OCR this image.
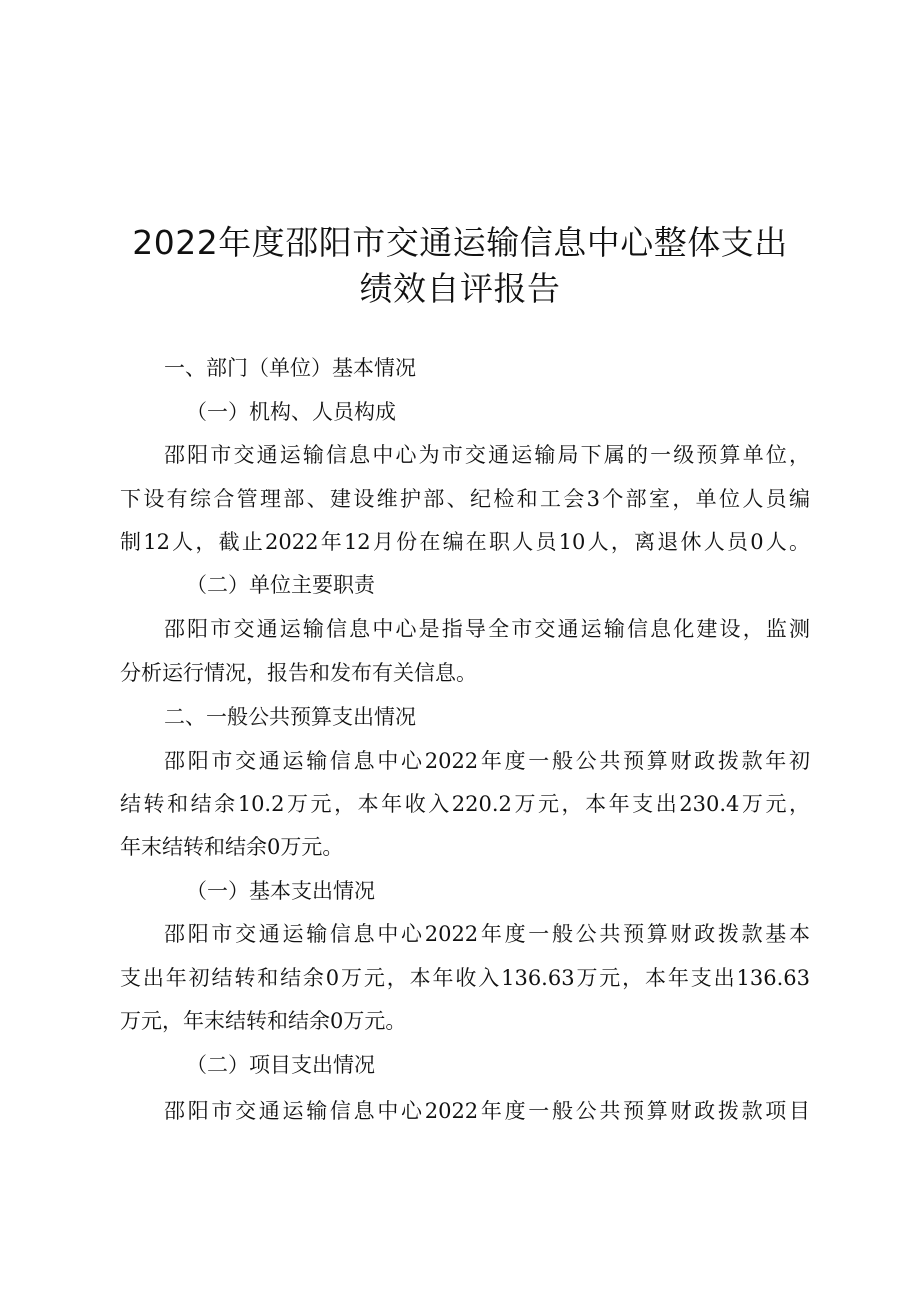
2022年度邵阳市交通运输信息中心整体支出
绩效自评报告
一、部门（单位）基本情况
（一）机构、人员构成
邵阳市交通运输信息中心为市交通运输局下属的一级预算单位，
下设有综合管理部、建设维护部、纪检和工会3个部室，单位人员编
制12人，截止2022年12月份在编在职人员10人，离退休人员0人。
（二）单位主要职责
邵阳市交通运输信息中心是指导全市交通运输信息化建设，监测
分析运行情况，报告和发布有关信息。
二、一般公共预算支出情况
邵阳市交通运输信息中心2022年度一般公共预算财政拨款年初
结转和结余10.2万元，本年收入220.2万元，本年支出230.4万元，
年末结转和结余0万元。
（一）基本支出情况
邵阳市交通运输信息中心2022年度一般公共预算财政拨款基本
支出年初结转和结余0万元，本年收入136.63万元，本年支出136.63
万元，年末结转和结余0万元。
（二）项目支出情况
邵阳市交通运输信息中心2022年度一般公共预算财政拨款项目
